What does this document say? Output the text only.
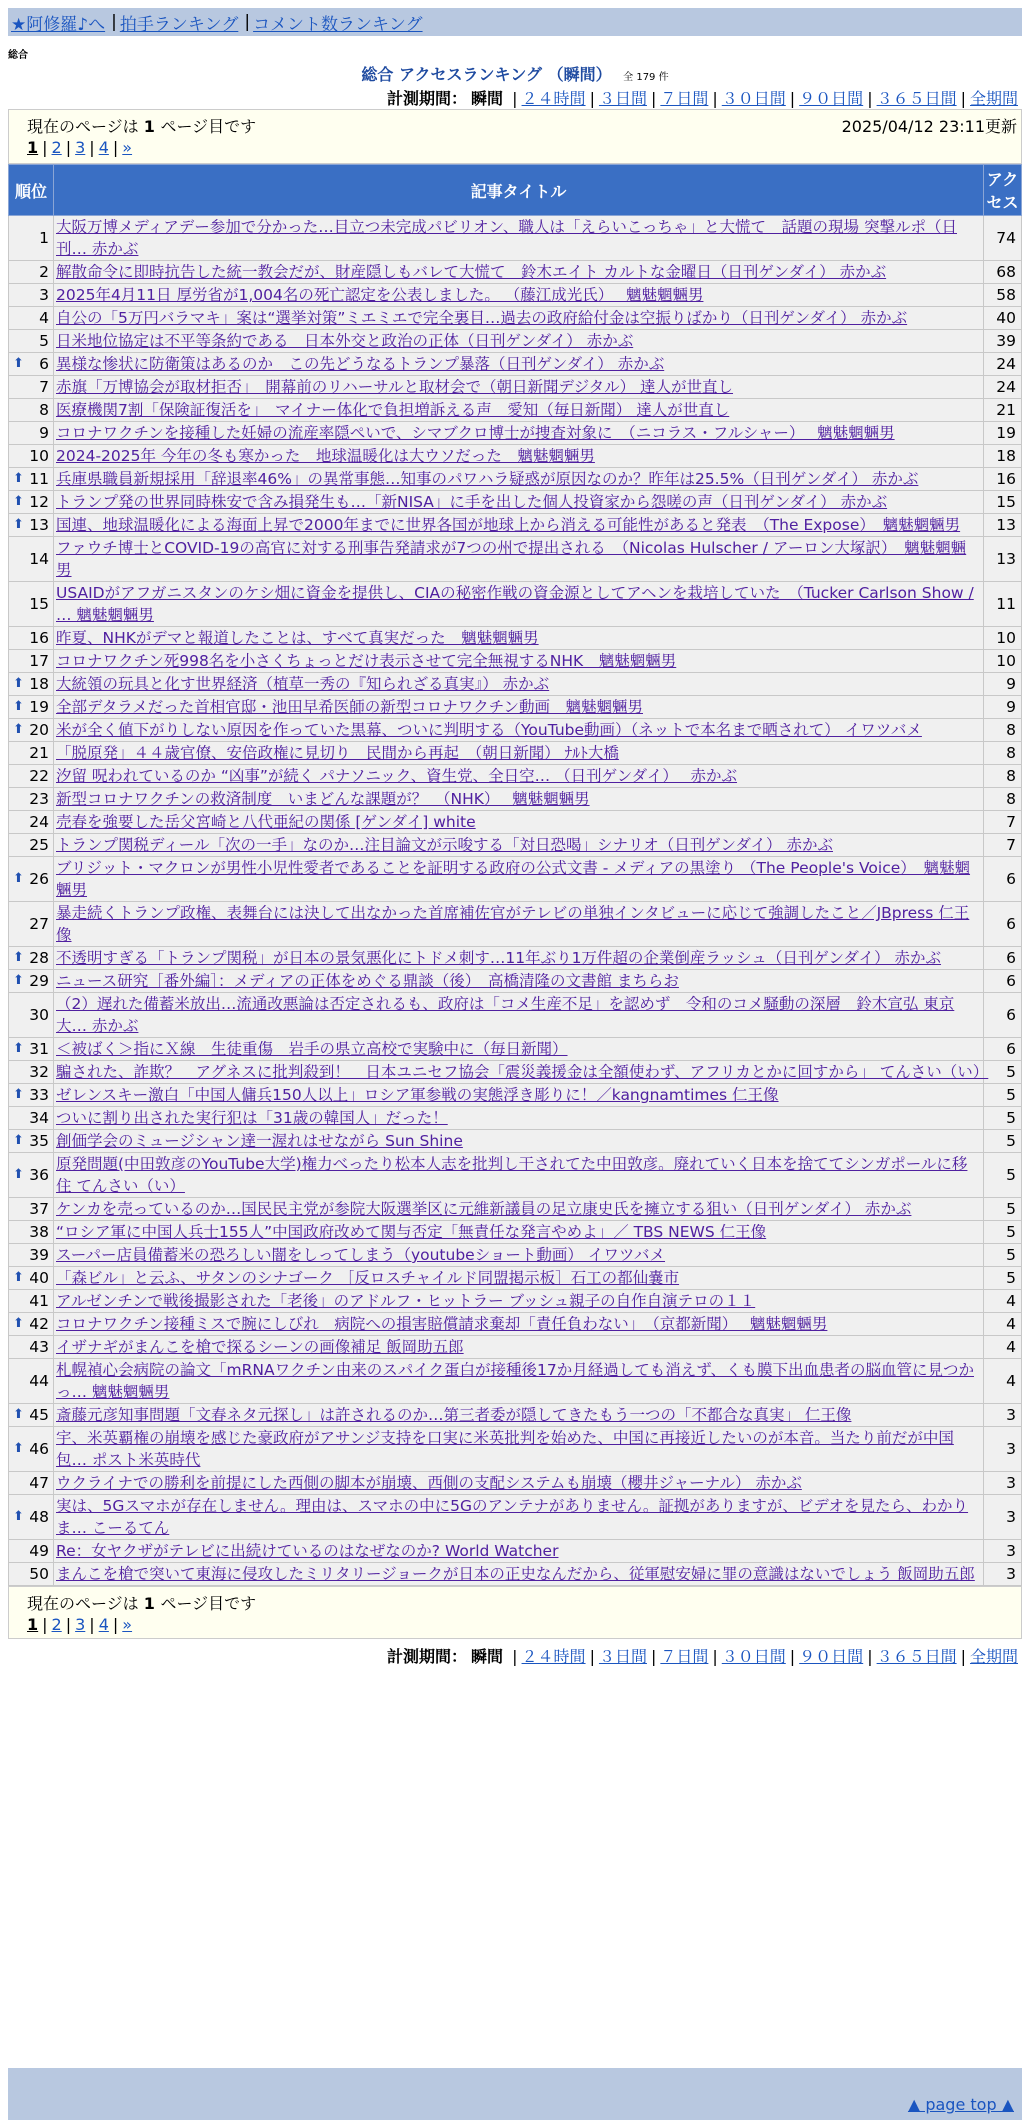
★阿修羅♪へ | 拍手ランキング | コメント数ランキング
総合
総合 アクセスランキング （瞬間） 全 179 件
計測期間： 瞬間 | ２４時間 | ３日間 | ７日間 | ３０日間 | ９０日間 | ３６５日間 | 全期間
現在のページは 1 ページ目です	2025/04/12 23:11更新
1 | 2 | 3 | 4 | »
順位	記事タイトル	アクセス
1	大阪万博メディアデー参加で分かった…目立つ未完成パビリオン、職人は「えらいこっちゃ」と大慌て　話題の現場 突撃ルポ（日刊… 赤かぶ	74
2	解散命令に即時抗告した統一教会だが、財産隠しもバレて大慌て　鈴木エイト カルトな金曜日（日刊ゲンダイ） 赤かぶ	68
3	2025年4月11日 厚労省が1,004名の死亡認定を公表しました。 （藤江成光氏）　 魑魅魍魎男	58
4	自公の「5万円バラマキ」案は“選挙対策”ミエミエで完全裏目…過去の政府給付金は空振りばかり（日刊ゲンダイ） 赤かぶ	40
5	日米地位協定は不平等条約である　日本外交と政治の正体（日刊ゲンダイ） 赤かぶ	39

⬆ 6	異様な惨状に防衛策はあるのか　この先どうなるトランプ暴落（日刊ゲンダイ） 赤かぶ	24
7	赤旗「万博協会が取材拒否」　開幕前のリハーサルと取材会で（朝日新聞デジタル） 達人が世直し	24
8	医療機関7割「保険証復活を」　マイナー体化で負担増訴える声　愛知（毎日新聞） 達人が世直し	21
9	コロナワクチンを接種した妊婦の流産率隠ぺいで、シマブクロ博士が捜査対象に　（ニコラス・フルシャー）　 魑魅魍魎男	19
10	2024-2025年 今年の冬も寒かった　地球温暖化は大ウソだった　魑魅魍魎男	18

⬆ 11	兵庫県職員新規採用「辞退率46%」の異常事態…知事のパワハラ疑惑が原因なのか？昨年は25.5%（日刊ゲンダイ） 赤かぶ	16

⬆ 12	トランプ発の世界同時株安で含み損発生も…「新NISA」に手を出した個人投資家から怨嗟の声（日刊ゲンダイ） 赤かぶ	15

⬆ 13	国連、地球温暖化による海面上昇で2000年までに世界各国が地球上から消える可能性があると発表　（The Expose）　魑魅魍魎男	13
14	ファウチ博士とCOVID-19の高官に対する刑事告発請求が7つの州で提出される　（Nicolas Hulscher / アーロン大塚訳）　魑魅魍魎男	13
15	USAIDがアフガニスタンのケシ畑に資金を提供し、CIAの秘密作戦の資金源としてアヘンを栽培していた　（Tucker Carlson Show / … 魑魅魍魎男	11
16	昨夏、NHKがデマと報道したことは、すべて真実だった　魑魅魍魎男	10
17	コロナワクチン死998名を小さくちょっとだけ表示させて完全無視するNHK　魑魅魍魎男	10

⬆ 18	大統領の玩具と化す世界経済（植草一秀の『知られざる真実』） 赤かぶ	9

⬆ 19	全部デタラメだった首相官邸・池田早希医師の新型コロナワクチン動画　魑魅魍魎男	9

⬆ 20	米が全く値下がりしない原因を作っていた黒幕、ついに判明する（YouTube動画）（ネットで本名まで晒されて） イワツバメ	8
21	「脱原発」４４歳官僚、安倍政権に見切り　民間から再起　（朝日新聞） ﾅﾙﾄ大橋	8
22	汐留 呪われているのか “凶事”が続く パナソニック、資生党、全日空… （日刊ゲンダイ）　 赤かぶ	8
23	新型コロナワクチンの救済制度　いまどんな課題が？　（NHK）　 魑魅魍魎男	8
24	売春を強要した岳父宮崎と八代亜紀の関係 [ゲンダイ] white	7
25	トランプ関税ディール「次の一手」なのか…注目論文が示唆する「対日恐喝」シナリオ（日刊ゲンダイ） 赤かぶ	7

⬆ 26	ブリジット・マクロンが男性小児性愛者であることを証明する政府の公式文書 - メディアの黒塗り （The People's Voice）　魑魅魍魎男	6
27	暴走続くトランプ政権、表舞台には決して出なかった首席補佐官がテレビの単独インタビューに応じて強調したこと／JBpress 仁王像	6

⬆ 28	不透明すぎる「トランプ関税」が日本の景気悪化にトドメ刺す…11年ぶり1万件超の企業倒産ラッシュ（日刊ゲンダイ） 赤かぶ	6

⬆ 29	ニュース研究［番外編］：メディアの正体をめぐる鼎談（後）　高橋清隆の文書館 まちらお	6
30	（2）遅れた備蓄米放出…流通改悪論は否定されるも、政府は「コメ生産不足」を認めず　令和のコメ騒動の深層　鈴木宣弘 東京大… 赤かぶ	6

⬆ 31	＜被ばく＞指にＸ線　生徒重傷　岩手の県立高校で実験中に（毎日新聞）	6
32	騙された、詐欺？　アグネスに批判殺到！　日本ユニセフ協会「震災義援金は全額使わず、アフリカとかに回すから」 てんさい（い）	5

⬆ 33	ゼレンスキー激白「中国人傭兵150人以上」ロシア軍参戦の実態浮き彫りに！／kangnamtimes 仁王像	5
34	ついに割り出された実行犯は「31歳の韓国人」だった！	5

⬆ 35	創価学会のミュージシャン達一渥れはせながら Sun Shine	5

⬆ 36	原発問題(中田敦彦のYouTube大学)権力べったり松本人志を批判し干されてた中田敦彦。廃れていく日本を捨ててシンガポールに移住 てんさい（い）	5
37	ケンカを売っているのか…国民民主党が参院大阪選挙区に元維新議員の足立康史氏を擁立する狙い（日刊ゲンダイ） 赤かぶ	5
38	“ロシア軍に中国人兵士155人”中国政府改めて関与否定「無責任な発言やめよ」／ TBS NEWS 仁王像	5
39	スーパー店員備蓄米の恐ろしい闇をしってしまう（youtubeショート動画） イワツバメ	5

⬆ 40	「森ビル」と云ふ、サタンのシナゴーク ［反ロスチャイルド同盟掲示板］石工の都仙嚢市	5
41	アルゼンチンで戦後撮影された「老後」のアドルフ・ヒットラー ブッシュ親子の自作自演テロの１１	4

⬆ 42	コロナワクチン接種ミスで腕にしびれ　病院への損害賠償請求棄却「責任負わない」　（京都新聞）　 魑魅魍魎男	4
43	イザナギがまんこを槍で探るシーンの画像補足 飯岡助五郎	4
44	札幌禎心会病院の論文「mRNAワクチン由来のスパイク蛋白が接種後17か月経過しても消えず、くも膜下出血患者の脳血管に見つかっ… 魑魅魍魎男	4

⬆ 45	斎藤元彦知事問題「文春ネタ元探し」は許されるのか…第三者委が隠してきたもう一つの「不都合な真実」 仁王像	3

⬆ 46	宇、米英覇権の崩壊を感じた豪政府がアサンジ支持を口実に米英批判を始めた、中国に再接近したいのが本音。当たり前だが中国包… ポスト米英時代	3
47	ウクライナでの勝利を前提にした西側の脚本が崩壊、西側の支配システムも崩壊（櫻井ジャーナル） 赤かぶ	3

⬆ 48	実は、5Gスマホが存在しません。理由は、スマホの中に5Gのアンテナがありません。証拠がありますが、ビデオを見たら、わかりま… こーるてん	3
49	Re：女ヤクザがテレビに出続けているのはなぜなのか? World Watcher	3
50	まんこを槍で突いて東海に侵攻したミリタリージョークが日本の正史なんだから、従軍慰安婦に罪の意識はないでしょう 飯岡助五郎	3
現在のページは 1 ページ目です
1 | 2 | 3 | 4 | »
計測期間： 瞬間 | ２４時間 | ３日間 | ７日間 | ３０日間 | ９０日間 | ３６５日間 | 全期間
▲ page top ▲
